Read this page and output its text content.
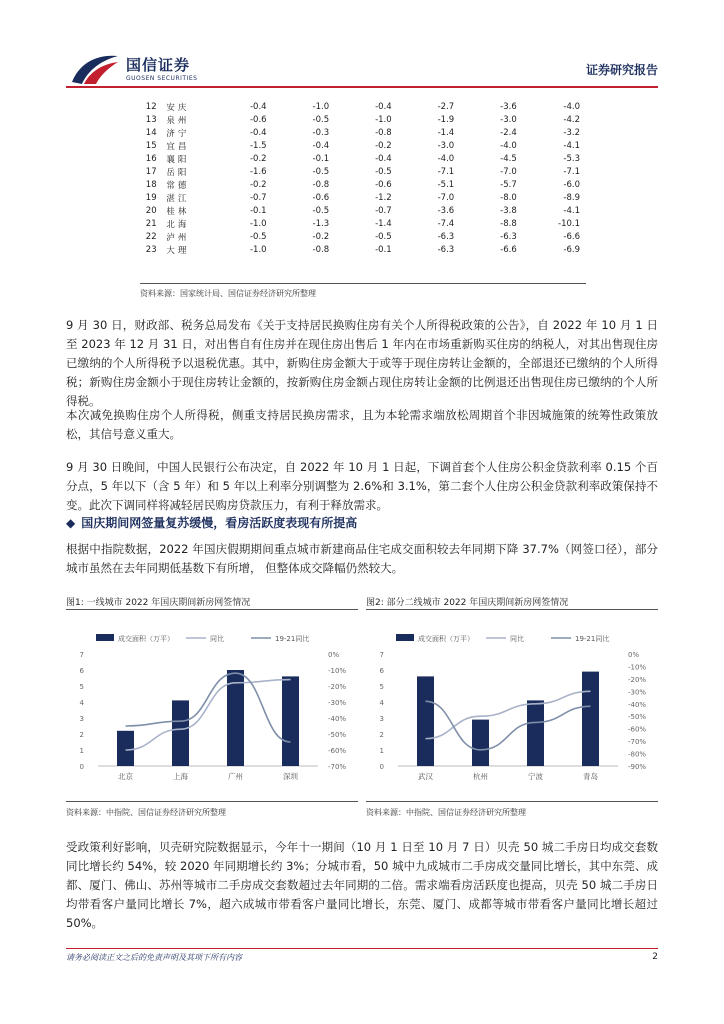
国信证券
GUOSEN SECURITIES
证券研究报告
12	安庆	-0.4	-1.0	-0.4	-2.7	-3.6	-4.0
13	泉州	-0.6	-0.5	-1.0	-1.9	-3.0	-4.2
14	济宁	-0.4	-0.3	-0.8	-1.4	-2.4	-3.2
15	宜昌	-1.5	-0.4	-0.2	-3.0	-4.0	-4.1
16	襄阳	-0.2	-0.1	-0.4	-4.0	-4.5	-5.3
17	岳阳	-1.6	-0.5	-0.5	-7.1	-7.0	-7.1
18	常德	-0.2	-0.8	-0.6	-5.1	-5.7	-6.0
19	湛江	-0.7	-0.6	-1.2	-7.0	-8.0	-8.9
20	桂林	-0.1	-0.5	-0.7	-3.6	-3.8	-4.1
21	北海	-1.0	-1.3	-1.4	-7.4	-8.8	-10.1
22	泸州	-0.5	-0.2	-0.5	-6.3	-6.3	-6.6
23	大理	-1.0	-0.8	-0.1	-6.3	-6.6	-6.9
资料来源：国家统计局、国信证券经济研究所整理
9 月 30 日，财政部、税务总局发布《关于支持居民换购住房有关个人所得税政策的公告》，自 2022 年 10 月 1 日至 2023 年 12 月 31 日，对出售自有住房并在现住房出售后 1 年内在市场重新购买住房的纳税人，对其出售现住房已缴纳的个人所得税予以退税优惠。其中，新购住房金额大于或等于现住房转让金额的，全部退还已缴纳的个人所得税；新购住房金额小于现住房转让金额的，按新购住房金额占现住房转让金额的比例退还出售现住房已缴纳的个人所得税。
本次减免换购住房个人所得税，侧重支持居民换房需求，且为本轮需求端放松周期首个非因城施策的统筹性政策放松，其信号意义重大。
9 月 30 日晚间，中国人民银行公布决定，自 2022 年 10 月 1 日起，下调首套个人住房公积金贷款利率 0.15 个百分点，5 年以下（含 5 年）和 5 年以上利率分别调整为 2.6%和 3.1%，第二套个人住房公积金贷款利率政策保持不变。此次下调同样将减轻居民购房贷款压力，有利于释放需求。
◆ 国庆期间网签量复苏缓慢，看房活跃度表现有所提高
根据中指院数据，2022 年国庆假期期间重点城市新建商品住宅成交面积较去年同期下降 37.7%（网签口径），部分城市虽然在去年同期低基数下有所增， 但整体成交降幅仍然较大。
图1: 一线城市 2022 年国庆期间新房网签情况
成交面积（万平）	同比	19-21同比
0
1
2
3
4
5
6
7	0%
-10%
-20%
-30%
-40%
-50%
-60%
-70%
北京	上海	广州	深圳
资料来源：中指院、国信证券经济研究所整理
图2: 部分二线城市 2022 年国庆期间新房网签情况
成交面积（万平）	同比	19-21同比
0
1
2
3
4
5
6
7	0%
-10%
-20%
-30%
-40%
-50%
-60%
-70%
-80%
-90%
武汉	杭州	宁波	青岛
资料来源：中指院、国信证券经济研究所整理
受政策利好影响，贝壳研究院数据显示，今年十一期间（10 月 1 日至 10 月 7 日）贝壳 50 城二手房日均成交套数同比增长约 54%，较 2020 年同期增长约 3%；分城市看，50 城中九成城市二手房成交量同比增长，其中东莞、成都、厦门、佛山、苏州等城市二手房成交套数超过去年同期的二倍。需求端看房活跃度也提高，贝壳 50 城二手房日均带看客户量同比增长 7%，超六成城市带看客户量同比增长，东莞、厦门、成都等城市带看客户量同比增长超过 50%。
请务必阅读正文之后的免责声明及其项下所有内容	2
